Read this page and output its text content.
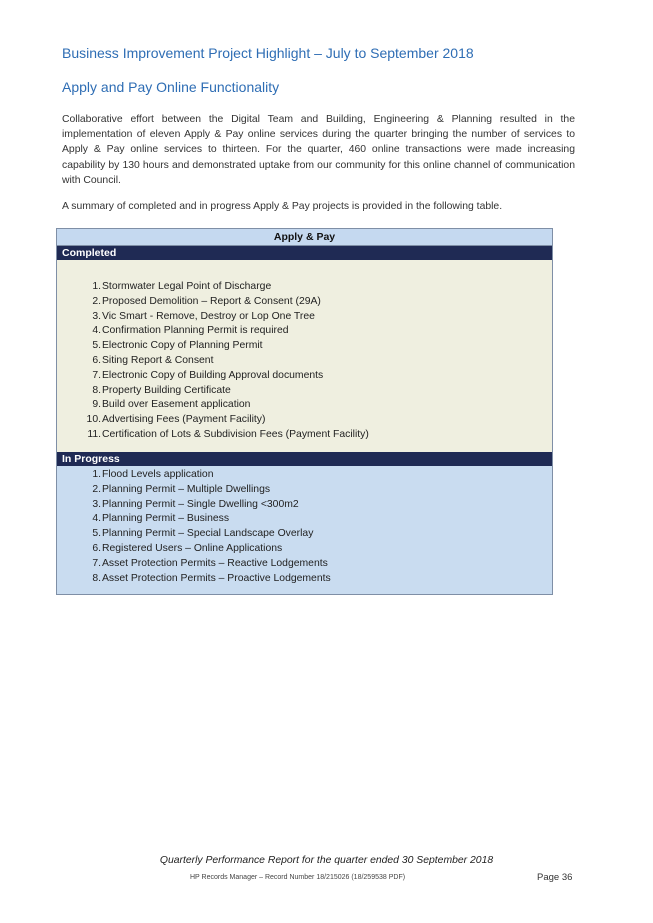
Business Improvement Project Highlight – July to September 2018
Apply and Pay Online Functionality

Collaborative effort between the Digital Team and Building, Engineering & Planning resulted in the implementation of eleven Apply & Pay online services during the quarter bringing the number of services to Apply & Pay online services to thirteen. For the quarter, 460 online transactions were made increasing capability by 130 hours and demonstrated uptake from our community for this online channel of communication with Council.

A summary of completed and in progress Apply & Pay projects is provided in the following table.

Apply & Pay
Completed
1. Stormwater Legal Point of Discharge
2. Proposed Demolition – Report & Consent (29A)
3. Vic Smart - Remove, Destroy or Lop One Tree
4. Confirmation Planning Permit is required
5. Electronic Copy of Planning Permit
6. Siting Report & Consent
7. Electronic Copy of Building Approval documents
8. Property Building Certificate
9. Build over Easement application
10. Advertising Fees (Payment Facility)
11. Certification of Lots & Subdivision Fees (Payment Facility)
In Progress
1. Flood Levels application
2. Planning Permit – Multiple Dwellings
3. Planning Permit – Single Dwelling <300m2
4. Planning Permit – Business
5. Planning Permit – Special Landscape Overlay
6. Registered Users – Online Applications
7. Asset Protection Permits – Reactive Lodgements
8. Asset Protection Permits – Proactive Lodgements
Quarterly Performance Report for the quarter ended 30 September 2018
HP Records Manager – Record Number 18/215026 (18/259538 PDF)	Page 36
